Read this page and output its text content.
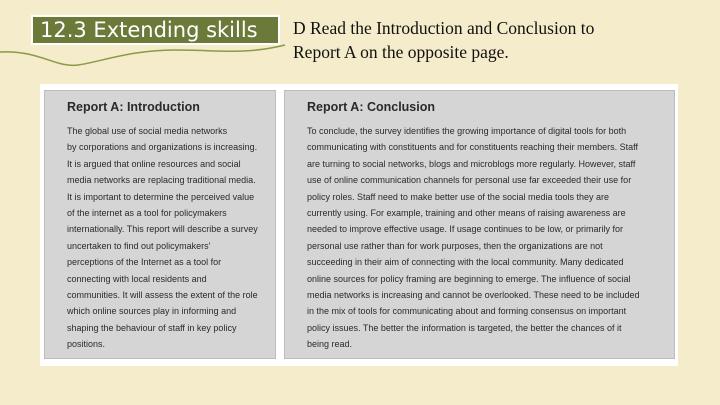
12.3 Extending skills	D Read the Introduction and Conclusion to
Report A on the opposite page.
Report A: Introduction
The global use of social media networks
by corporations and organizations is increasing.
It is argued that online resources and social
media networks are replacing traditional media.
It is important to determine the perceived value
of the internet as a tool for policymakers
internationally. This report will describe a survey
uncertaken to find out policymakers'
perceptions of the Internet as a tool for
connecting with local residents and
communities. It will assess the extent of the role
which online sources play in informing and
shaping the behaviour of staff in key policy
positions.
Report A: Conclusion
To conclude, the survey identifies the growing importance of digital tools for both
communicating with constituents and for constituents reaching their members. Staff
are turning to social networks, blogs and microblogs more regularly. However, staff
use of online communication channels for personal use far exceeded their use for
policy roles. Staff need to make better use of the social media tools they are
currently using. For example, training and other means of raising awareness are
needed to improve effective usage. If usage continues to be low, or primarily for
personal use rather than for work purposes, then the organizations are not
succeeding in their aim of connecting with the local community. Many dedicated
online sources for policy framing are beginning to emerge. The influence of social
media networks is increasing and cannot be overlooked. These need to be included
in the mix of tools for communicating about and forming consensus on important
policy issues. The better the information is targeted, the better the chances of it
being read.
